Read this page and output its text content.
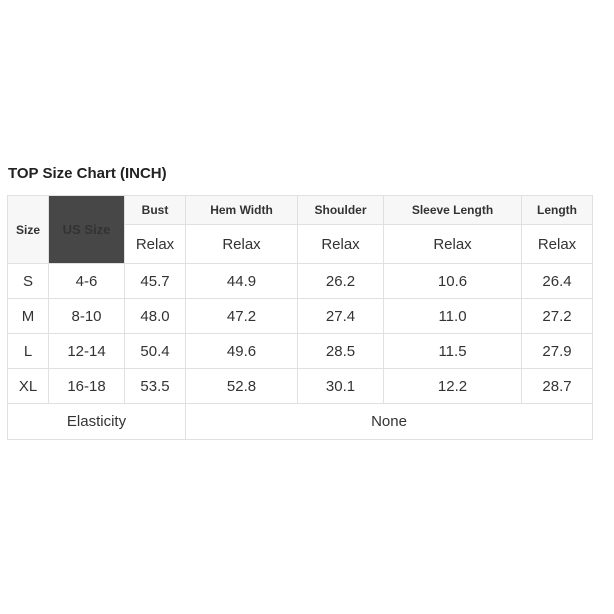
TOP Size Chart (INCH)
Size	US Size	Bust	Hem Width	Shoulder	Sleeve Length	Length
		Relax	Relax	Relax	Relax	Relax
S	4-6	45.7	44.9	26.2	10.6	26.4
M	8-10	48.0	47.2	27.4	11.0	27.2
L	12-14	50.4	49.6	28.5	11.5	27.9
XL	16-18	53.5	52.8	30.1	12.2	28.7
Elasticity			None			
